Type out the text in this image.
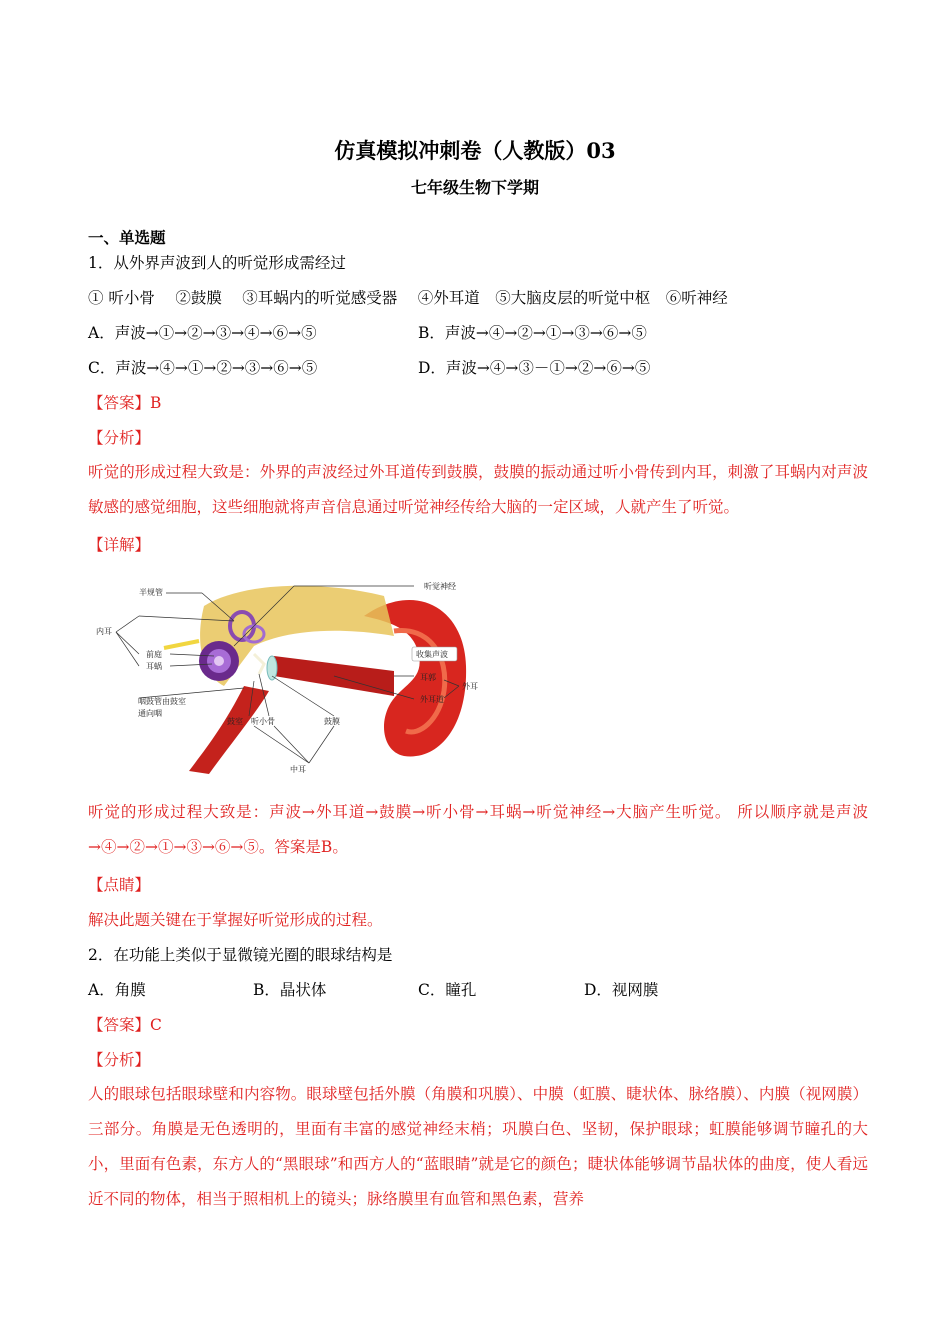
仿真模拟冲刺卷（人教版）03
七年级生物下学期
一、单选题
1．从外界声波到人的听觉形成需经过
① 听小骨　 ②鼓膜　 ③耳蜗内的听觉感受器　 ④外耳道　⑤大脑皮层的听觉中枢　⑥听神经
A．声波→①→②→③→④→⑥→⑤	B．声波→④→②→①→③→⑥→⑤
C．声波→④→①→②→③→⑥→⑤	D．声波→④→③－①→②→⑥→⑤
【答案】B
【分析】
听觉的形成过程大致是：外界的声波经过外耳道传到鼓膜，鼓膜的振动通过听小骨传到内耳，刺激了耳蜗内对声波敏感的感觉细胞，这些细胞就将声音信息通过听觉神经传给大脑的一定区域，人就产生了听觉。
【详解】
半规管
内耳
前庭
耳蜗
咽鼓管由鼓室
通向咽
鼓室 听小骨	鼓膜
中耳
听觉神经
收集声波
耳郭
外耳道
外耳
听觉的形成过程大致是：声波→外耳道→鼓膜→听小骨→耳蜗→听觉神经→大脑产生听觉。 所以顺序就是声波→④→②→①→③→⑥→⑤。答案是B。
【点睛】
解决此题关键在于掌握好听觉形成的过程。
2．在功能上类似于显微镜光圈的眼球结构是
A．角膜	B．晶状体	C．瞳孔	D．视网膜
【答案】C
【分析】
人的眼球包括眼球壁和内容物。眼球壁包括外膜（角膜和巩膜）、中膜（虹膜、睫状体、脉络膜）、内膜（视网膜）三部分。角膜是无色透明的，里面有丰富的感觉神经末梢；巩膜白色、坚韧，保护眼球；虹膜能够调节瞳孔的大小，里面有色素，东方人的“黑眼球”和西方人的“蓝眼睛”就是它的颜色；睫状体能够调节晶状体的曲度，使人看远近不同的物体，相当于照相机上的镜头；脉络膜里有血管和黑色素，营养
